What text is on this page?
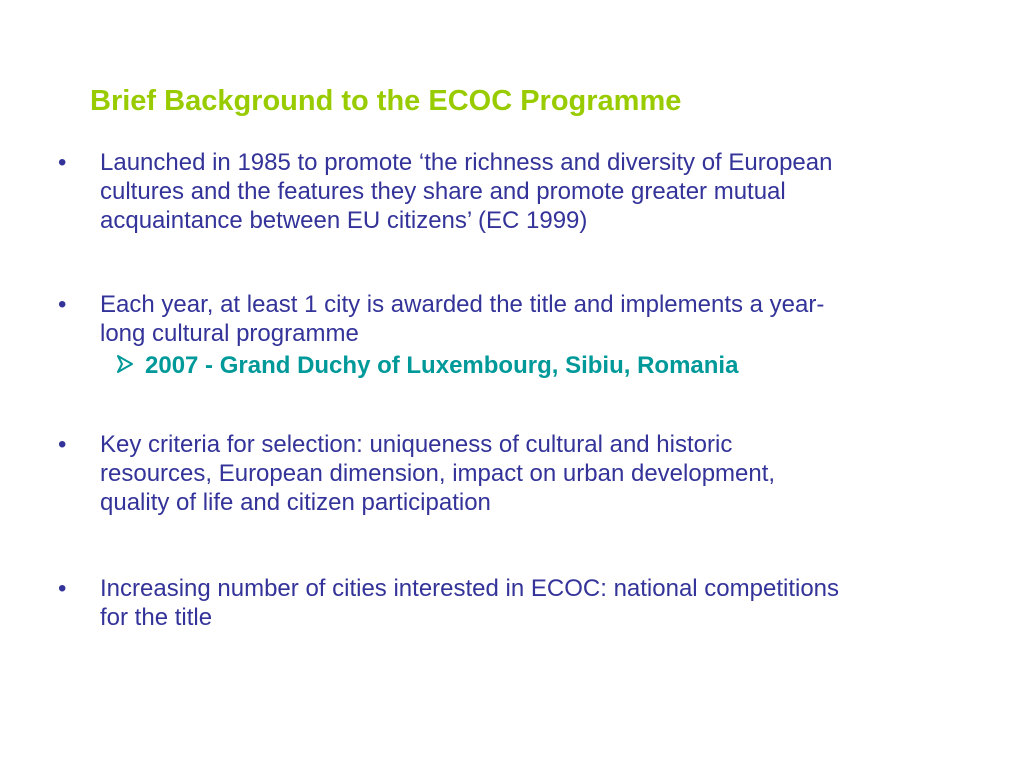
Brief Background to the ECOC Programme
•	Launched in 1985 to promote ‘the richness and diversity of European
cultures and the features they share and promote greater mutual
acquaintance between EU citizens’ (EC 1999)
•	Each year, at least 1 city is awarded the title and implements a year-
long cultural programme
2007 - Grand Duchy of Luxembourg, Sibiu, Romania
•	Key criteria for selection: uniqueness of cultural and historic
resources, European dimension, impact on urban development,
quality of life and citizen participation
•	Increasing number of cities interested in ECOC: national competitions
for the title
